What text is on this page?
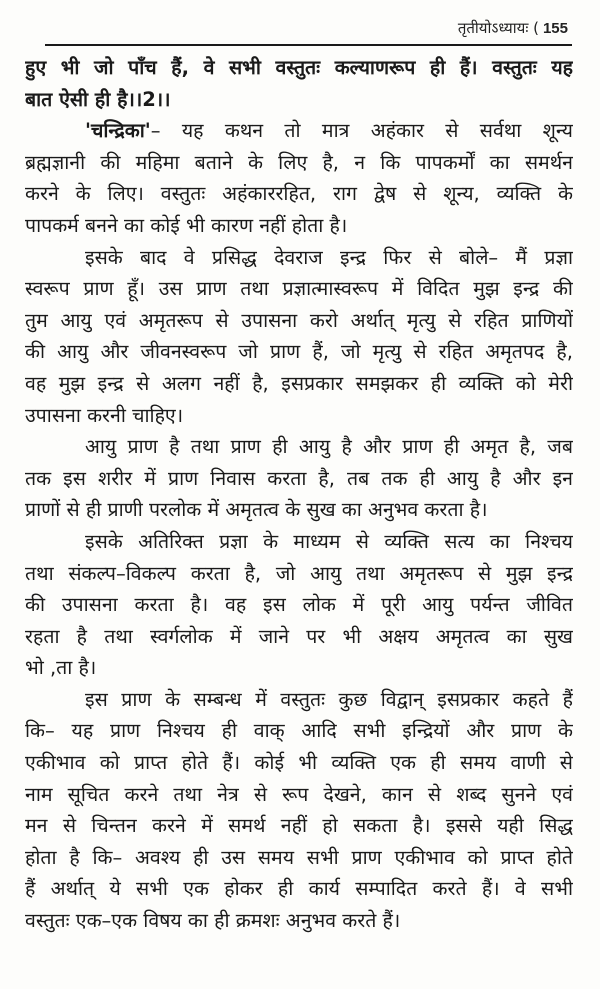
तृतीयोऽध्यायः ( 155
हुए भी जो पाँच हैं, वे सभी वस्तुतः कल्याणरूप ही हैं। वस्तुतः यह
बात ऐसी ही है।।2।।
'चन्द्रिका'– यह कथन तो मात्र अहंकार से सर्वथा शून्य
ब्रह्मज्ञानी की महिमा बताने के लिए है, न कि पापकर्मों का समर्थन
करने के लिए। वस्तुतः अहंकाररहित, राग द्वेष से शून्य, व्यक्ति के
पापकर्म बनने का कोई भी कारण नहीं होता है।
इसके बाद वे प्रसिद्ध देवराज इन्द्र फिर से बोले– मैं प्रज्ञा
स्वरूप प्राण हूँ। उस प्राण तथा प्रज्ञात्मास्वरूप में विदित मुझ इन्द्र की
तुम आयु एवं अमृतरूप से उपासना करो अर्थात् मृत्यु से रहित प्राणियों
की आयु और जीवनस्वरूप जो प्राण हैं, जो मृत्यु से रहित अमृतपद है,
वह मुझ इन्द्र से अलग नहीं है, इसप्रकार समझकर ही व्यक्ति को मेरी
उपासना करनी चाहिए।
आयु प्राण है तथा प्राण ही आयु है और प्राण ही अमृत है, जब
तक इस शरीर में प्राण निवास करता है, तब तक ही आयु है और इन
प्राणों से ही प्राणी परलोक में अमृतत्व के सुख का अनुभव करता है।
इसके अतिरिक्त प्रज्ञा के माध्यम से व्यक्ति सत्य का निश्चय
तथा संकल्प–विकल्प करता है, जो आयु तथा अमृतरूप से मुझ इन्द्र
की उपासना करता है। वह इस लोक में पूरी आयु पर्यन्त जीवित
रहता है तथा स्वर्गलोक में जाने पर भी अक्षय अमृतत्व का सुख
भो ,ता है।
इस प्राण के सम्बन्ध में वस्तुतः कुछ विद्वान् इसप्रकार कहते हैं
कि– यह प्राण निश्चय ही वाक् आदि सभी इन्द्रियों और प्राण के
एकीभाव को प्राप्त होते हैं। कोई भी व्यक्ति एक ही समय वाणी से
नाम सूचित करने तथा नेत्र से रूप देखने, कान से शब्द सुनने एवं
मन से चिन्तन करने में समर्थ नहीं हो सकता है। इससे यही सिद्ध
होता है कि– अवश्य ही उस समय सभी प्राण एकीभाव को प्राप्त होते
हैं अर्थात् ये सभी एक होकर ही कार्य सम्पादित करते हैं। वे सभी
वस्तुतः एक–एक विषय का ही क्रमशः अनुभव करते हैं।
